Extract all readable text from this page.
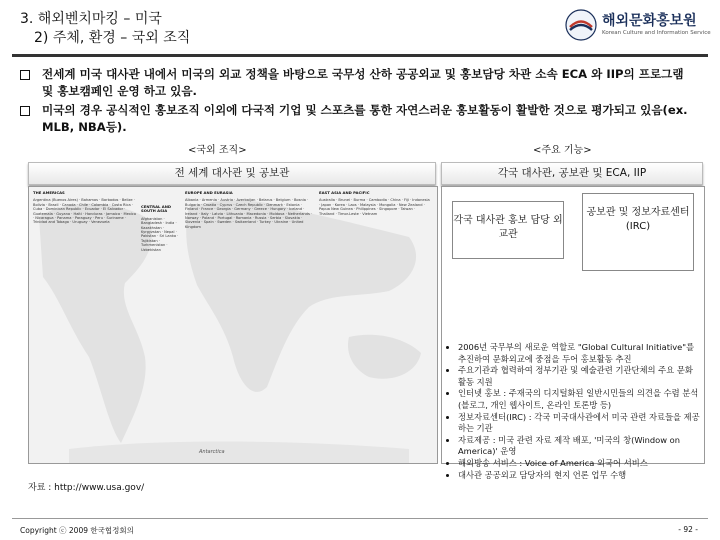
3. 해외벤치마킹 – 미국
2) 주체, 환경 – 국외 조직
해외문화홍보원
Korean Culture and Information Service
전세계 미국 대사관 내에서 미국의 외교 정책을 바탕으로 국무성 산하 공공외교 및 홍보담당 차관 소속 ECA 와 IIP의 프로그램 및 홍보캠페인 운영 하고 있음.
미국의 경우 공식적인 홍보조직 이외에 다국적 기업 및 스포츠를 통한 자연스러운 홍보활동이 활발한 것으로 평가되고 있음(ex. MLB, NBA등).
<국외 조직>	<주요 기능>
전 세계 대사관 및 공보관	각국 대사관, 공보관 및 ECA, IIP
THE AMERICAS
Argentina (Buenos Aires) · Bahamas · Barbados · Belize · Bolivia · Brazil · Canada · Chile · Colombia · Costa Rica · Cuba · Dominican Republic · Ecuador · El Salvador · Guatemala · Guyana · Haiti · Honduras · Jamaica · Mexico · Nicaragua · Panama · Paraguay · Peru · Suriname · Trinidad and Tobago · Uruguay · Venezuela
CENTRAL AND SOUTH ASIA
Afghanistan · Bangladesh · India · Kazakhstan · Kyrgyzstan · Nepal · Pakistan · Sri Lanka · Tajikistan · Turkmenistan · Uzbekistan
EUROPE AND EURASIA
Albania · Armenia · Austria · Azerbaijan · Belarus · Belgium · Bosnia · Bulgaria · Croatia · Cyprus · Czech Republic · Denmark · Estonia · Finland · France · Georgia · Germany · Greece · Hungary · Iceland · Ireland · Italy · Latvia · Lithuania · Macedonia · Moldova · Netherlands · Norway · Poland · Portugal · Romania · Russia · Serbia · Slovakia · Slovenia · Spain · Sweden · Switzerland · Turkey · Ukraine · United Kingdom
EAST ASIA AND PACIFIC
Australia · Brunei · Burma · Cambodia · China · Fiji · Indonesia · Japan · Korea · Laos · Malaysia · Mongolia · New Zealand · Papua New Guinea · Philippines · Singapore · Taiwan · Thailand · Timor-Leste · Vietnam
Antarctica
각국 대사관 홍보 담당 외교관
공보관 및 정보자료센터 (IRC)
• 2006년 국무부의 새로운 역할로 "Global Cultural Initiative"를 추진하여 문화외교에 중점을 두어 홍보활동 추진
• 주요기관과 협력하여 정부기관 및 예술관련 기관단체의 주요 문화활동 지원
• 인터넷 홍보 : 주재국의 디지털화된 일반시민들의 의견을 수렴 분석(블로그, 개인 웹사이트, 온라인 토론방 등)
• 정보자료센터(IRC) : 각국 미국대사관에서 미국 관련 자료들을 제공하는 기관
• 자료제공 : 미국 관련 자료 제작 배포, '미국의 창(Window on America)' 운영
• 해외방송 서비스 : Voice of America 외국어 서비스
• 대사관 공공외교 담당자의 현지 언론 업무 수행
자료 : http://www.usa.gov/
Copyright ⓒ 2009 한국협정회의	- 92 -
